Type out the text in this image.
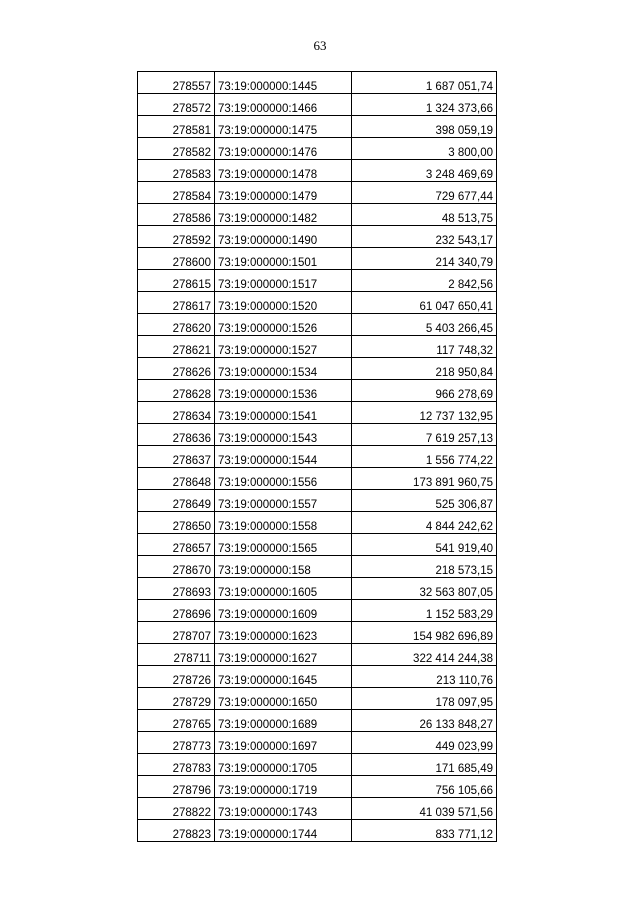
63
278557	73:19:000000:1445	1 687 051,74
278572	73:19:000000:1466	1 324 373,66
278581	73:19:000000:1475	398 059,19
278582	73:19:000000:1476	3 800,00
278583	73:19:000000:1478	3 248 469,69
278584	73:19:000000:1479	729 677,44
278586	73:19:000000:1482	48 513,75
278592	73:19:000000:1490	232 543,17
278600	73:19:000000:1501	214 340,79
278615	73:19:000000:1517	2 842,56
278617	73:19:000000:1520	61 047 650,41
278620	73:19:000000:1526	5 403 266,45
278621	73:19:000000:1527	117 748,32
278626	73:19:000000:1534	218 950,84
278628	73:19:000000:1536	966 278,69
278634	73:19:000000:1541	12 737 132,95
278636	73:19:000000:1543	7 619 257,13
278637	73:19:000000:1544	1 556 774,22
278648	73:19:000000:1556	173 891 960,75
278649	73:19:000000:1557	525 306,87
278650	73:19:000000:1558	4 844 242,62
278657	73:19:000000:1565	541 919,40
278670	73:19:000000:158	218 573,15
278693	73:19:000000:1605	32 563 807,05
278696	73:19:000000:1609	1 152 583,29
278707	73:19:000000:1623	154 982 696,89
278711	73:19:000000:1627	322 414 244,38
278726	73:19:000000:1645	213 110,76
278729	73:19:000000:1650	178 097,95
278765	73:19:000000:1689	26 133 848,27
278773	73:19:000000:1697	449 023,99
278783	73:19:000000:1705	171 685,49
278796	73:19:000000:1719	756 105,66
278822	73:19:000000:1743	41 039 571,56
278823	73:19:000000:1744	833 771,12
